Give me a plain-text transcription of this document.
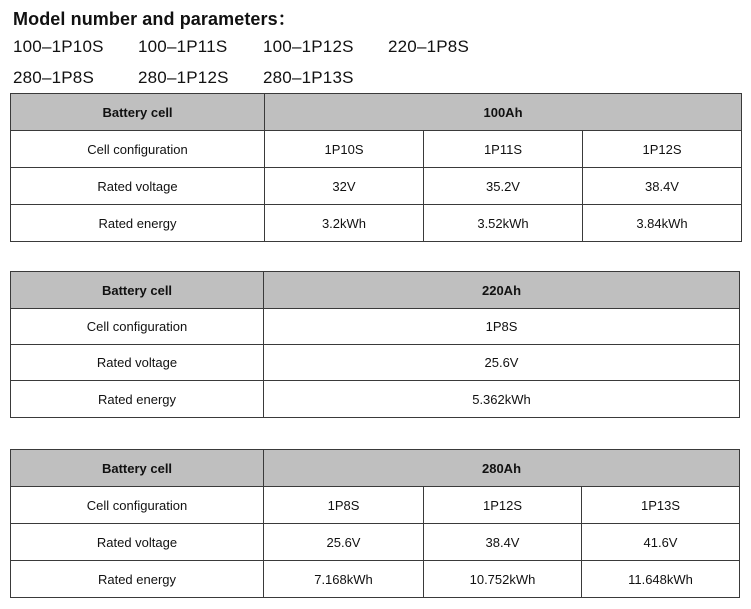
Model number and parameters：
100–1P10S 100–1P11S 100–1P12S 220–1P8S
280–1P8S	280–1P12S 280–1P13S
Battery cell	100Ah		
Cell configuration	1P10S	1P11S	1P12S
Rated voltage	32V	35.2V	38.4V
Rated energy	3.2kWh	3.52kWh	3.84kWh
Battery cell	220Ah
Cell configuration	1P8S
Rated voltage	25.6V
Rated energy	5.362kWh
Battery cell	280Ah		
Cell configuration	1P8S	1P12S	1P13S
Rated voltage	25.6V	38.4V	41.6V
Rated energy	7.168kWh	10.752kWh	11.648kWh
